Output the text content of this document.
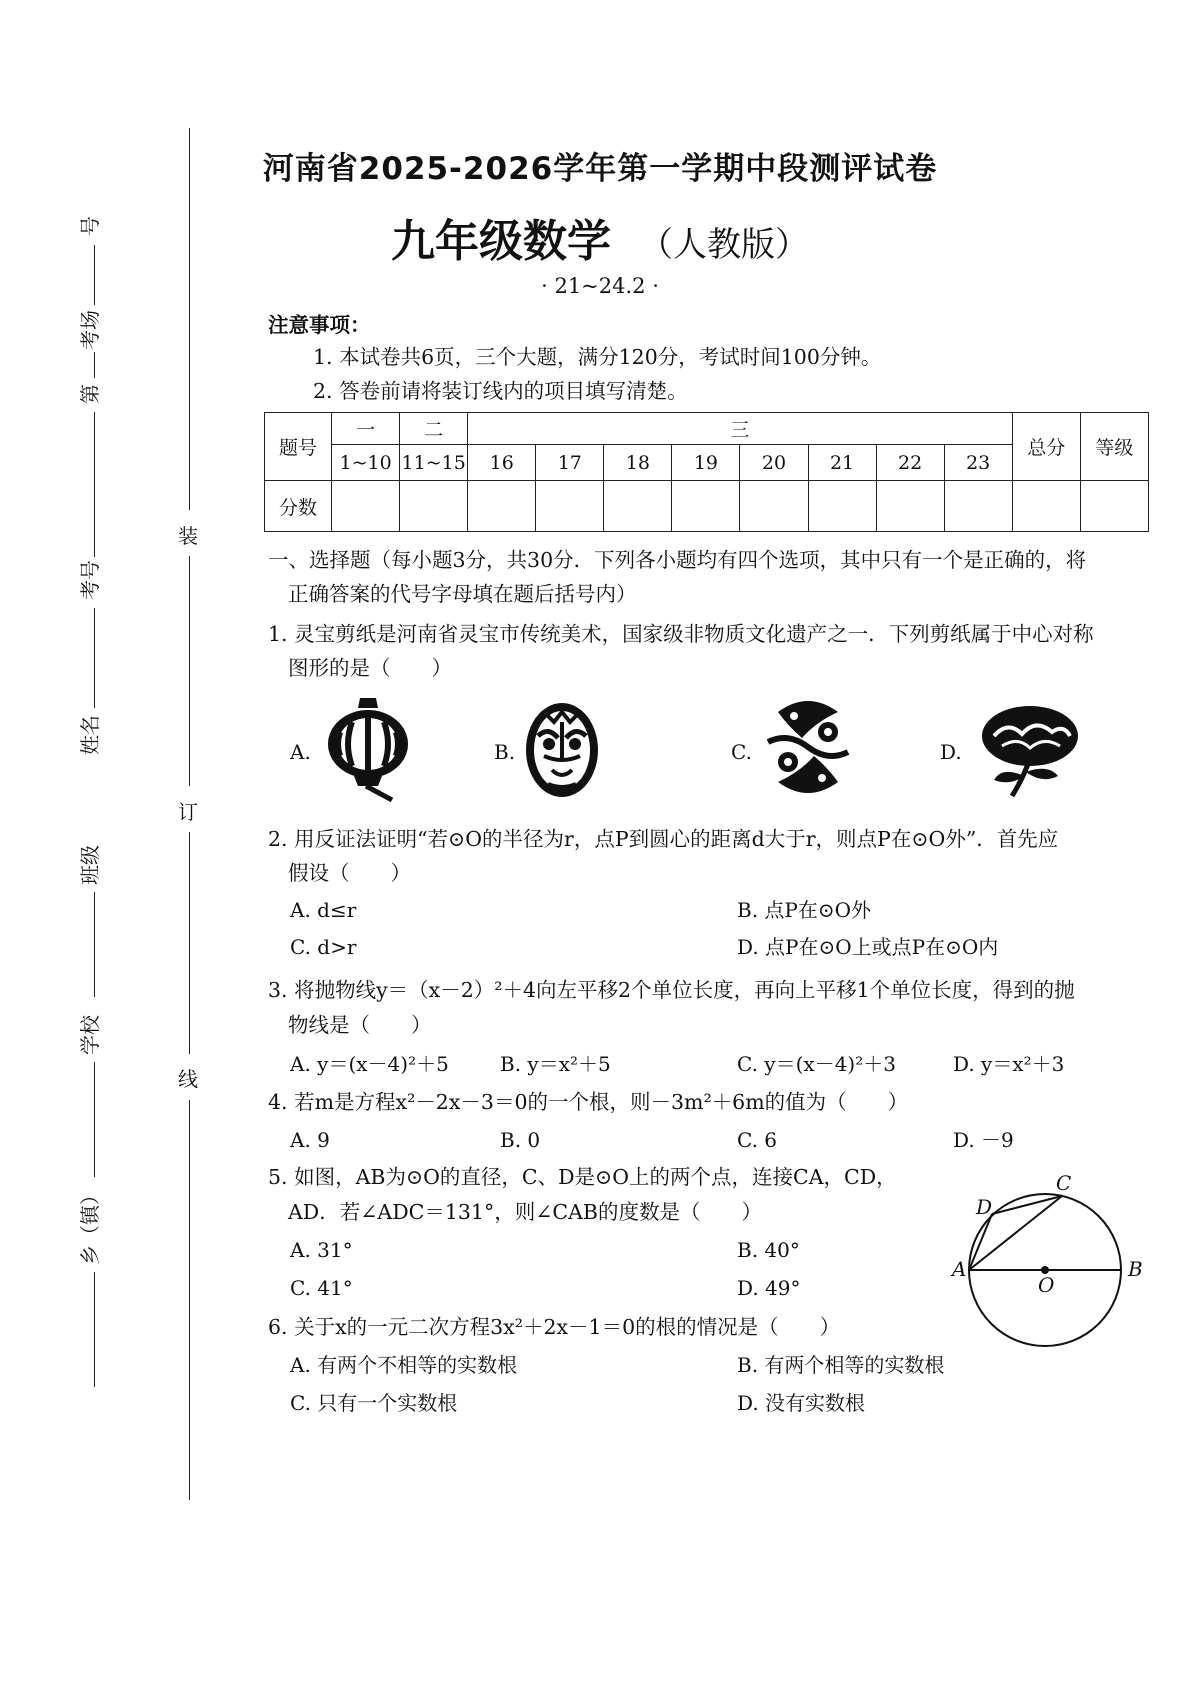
号
考场
第
考号
姓名
班级
学校
乡（镇）
装
订
线
河南省2025-2026学年第一学期中段测评试卷
九年级数学 （人教版）
· 21~24.2 ·
注意事项：
1. 本试卷共6页，三个大题，满分120分，考试时间100分钟。
2. 答卷前请将装订线内的项目填写清楚。
题号	一	二	三								总分	等级
	1~10	11~15	16	17	18	19	20	21	22	23		
分数												
一、选择题（每小题3分，共30分．下列各小题均有四个选项，其中只有一个是正确的，将
正确答案的代号字母填在题后括号内）
1. 灵宝剪纸是河南省灵宝市传统美术，国家级非物质文化遗产之一．下列剪纸属于中心对称
图形的是（　　）
A.	B.	C.	D.
2. 用反证法证明“若⊙O的半径为r，点P到圆心的距离d大于r，则点P在⊙O外”．首先应
假设（　　）
A. d≤r	B. 点P在⊙O外
C. d>r	D. 点P在⊙O上或点P在⊙O内
3. 将抛物线y＝（x－2）²＋4向左平移2个单位长度，再向上平移1个单位长度，得到的抛
物线是（　　）
A. y＝(x－4)²＋5	B. y＝x²＋5	C. y＝(x－4)²＋3	D. y＝x²＋3
4. 若m是方程x²－2x－3＝0的一个根，则－3m²＋6m的值为（　　）
A. 9	B. 0	C. 6	D. －9
5. 如图，AB为⊙O的直径，C、D是⊙O上的两个点，连接CA，CD，
AD．若∠ADC＝131°，则∠CAB的度数是（　　）
A. 31°	B. 40°
C. 41°	D. 49°
A	B
C
D
O
6. 关于x的一元二次方程3x²＋2x－1＝0的根的情况是（　　）
A. 有两个不相等的实数根	B. 有两个相等的实数根
C. 只有一个实数根	D. 没有实数根
